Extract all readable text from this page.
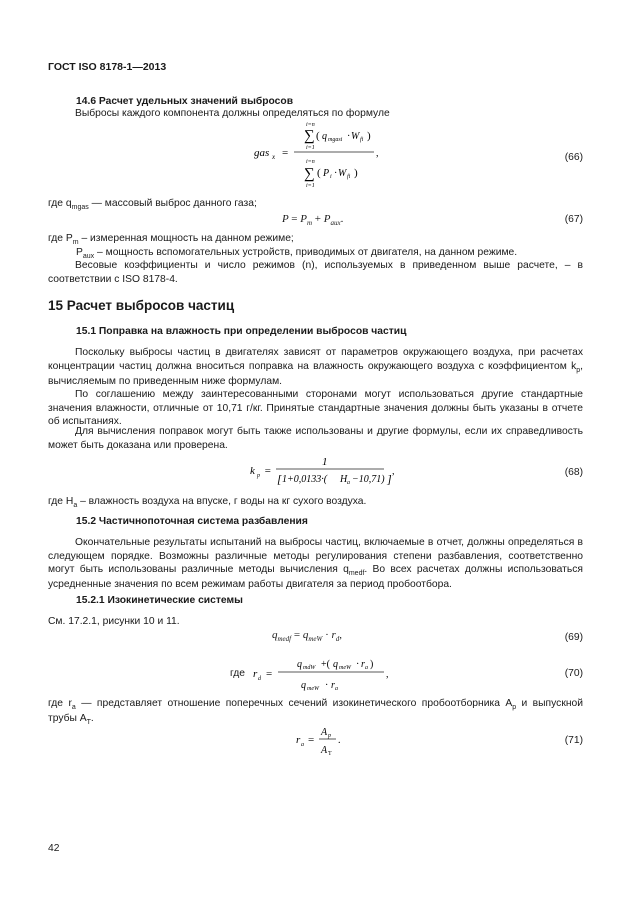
ГОСТ ISO 8178-1—2013
14.6 Расчет удельных значений выбросов
Выбросы каждого компонента должны определяться по формуле
gas x =
i=n
∑
i=1
( q mgasi · W fi )
i=n
∑
i=1
( P i · W fi )
,	(66)
где $q_{mgas}$ — массовый выброс данного газа;
$P = P_m + P_{aux}$.	(67)
где $P_m$ – измеренная мощность на данном режиме;
$P_{aux}$ – мощность вспомогательных устройств, приводимых от двигателя, на данном режиме.
Весовые коэффициенты и число режимов (n), используемых в приведенном выше расчете, – в соответствии с ISO 8178-4.
15 Расчет выбросов частиц
15.1 Поправка на влажность при определении выбросов частиц
Поскольку выбросы частиц в двигателях зависят от параметров окружающего воздуха, при расчетах концентрации частиц должна вноситься поправка на влажность окружающего воздуха с коэффициентом $k_p$, вычисляемым по приведенным ниже формулам.
По соглашению между заинтересованными сторонами могут использоваться другие стандартные значения влажности, отличные от 10,71 г/кг. Принятые стандартные значения должны быть указаны в отчете об испытаниях.
Для вычисления поправок могут быть также использованы и другие формулы, если их справедливость может быть доказана или проверена.
k p =
1
[ 1+0,0133·( H a −10,71) ]
,	(68)
где $H_a$ – влажность воздуха на впуске, г воды на кг сухого воздуха.
15.2 Частичнопоточная система разбавления
Окончательные результаты испытаний на выбросы частиц, включаемые в отчет, должны определяться в следующем порядке. Возможны различные методы регулирования степени разбавления, соответственно могут быть использованы различные методы вычисления $q_{medf}$. Во всех расчетах должны использоваться усредненные значения по всем режимам работы двигателя за период пробоотбора.
15.2.1 Изокинетические системы
См. 17.2.1, рисунки 10 и 11.
$q_{medf} = q_{meW} \cdot r_d$,	(69)
где r d =
q mdW +( q meW · r a )
q meW · r a
,	(70)
где $r_a$ — представляет отношение поперечных сечений изокинетического пробоотборника $A_p$ и выпускной трубы $A_T$.
r a =
A p
A T
.	(71)
42
